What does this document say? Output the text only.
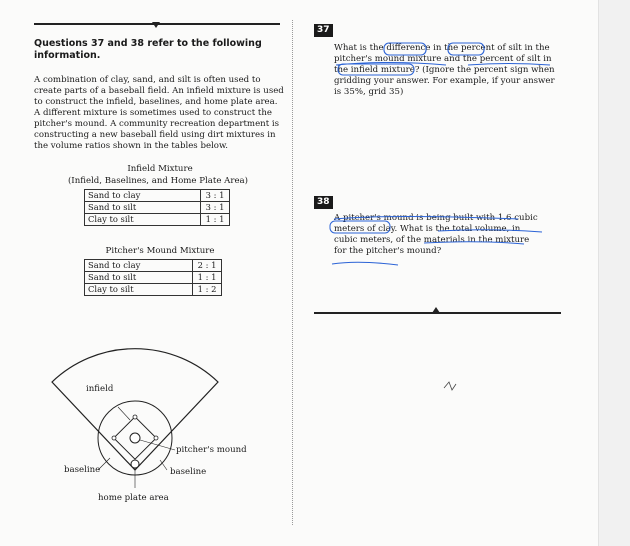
Questions 37 and 38 refer to the following information.
A combination of clay, sand, and silt is often used to create parts of a baseball field. An infield mixture is used to construct the infield, baselines, and home plate area. A different mixture is sometimes used to construct the pitcher's mound. A community recreation department is constructing a new baseball field using dirt mixtures in the volume ratios shown in the tables below.
Infield Mixture
(Infield, Baselines, and Home Plate Area)
Sand to clay	3 : 1
Sand to silt	3 : 1
Clay to silt	1 : 1
Pitcher's Mound Mixture
Sand to clay	2 : 1
Sand to silt	1 : 1
Clay to silt	1 : 2
infield
pitcher's mound
baseline	baseline
home plate area
37
What is the difference in the percent of silt in the pitcher's mound mixture and the percent of silt in the infield mixture? (Ignore the percent sign when gridding your answer. For example, if your answer is 35%, grid 35)
38
A pitcher's mound is being built with 1.6 cubic meters of clay. What is the total volume, in cubic meters, of the materials in the mixture for the pitcher's mound?
